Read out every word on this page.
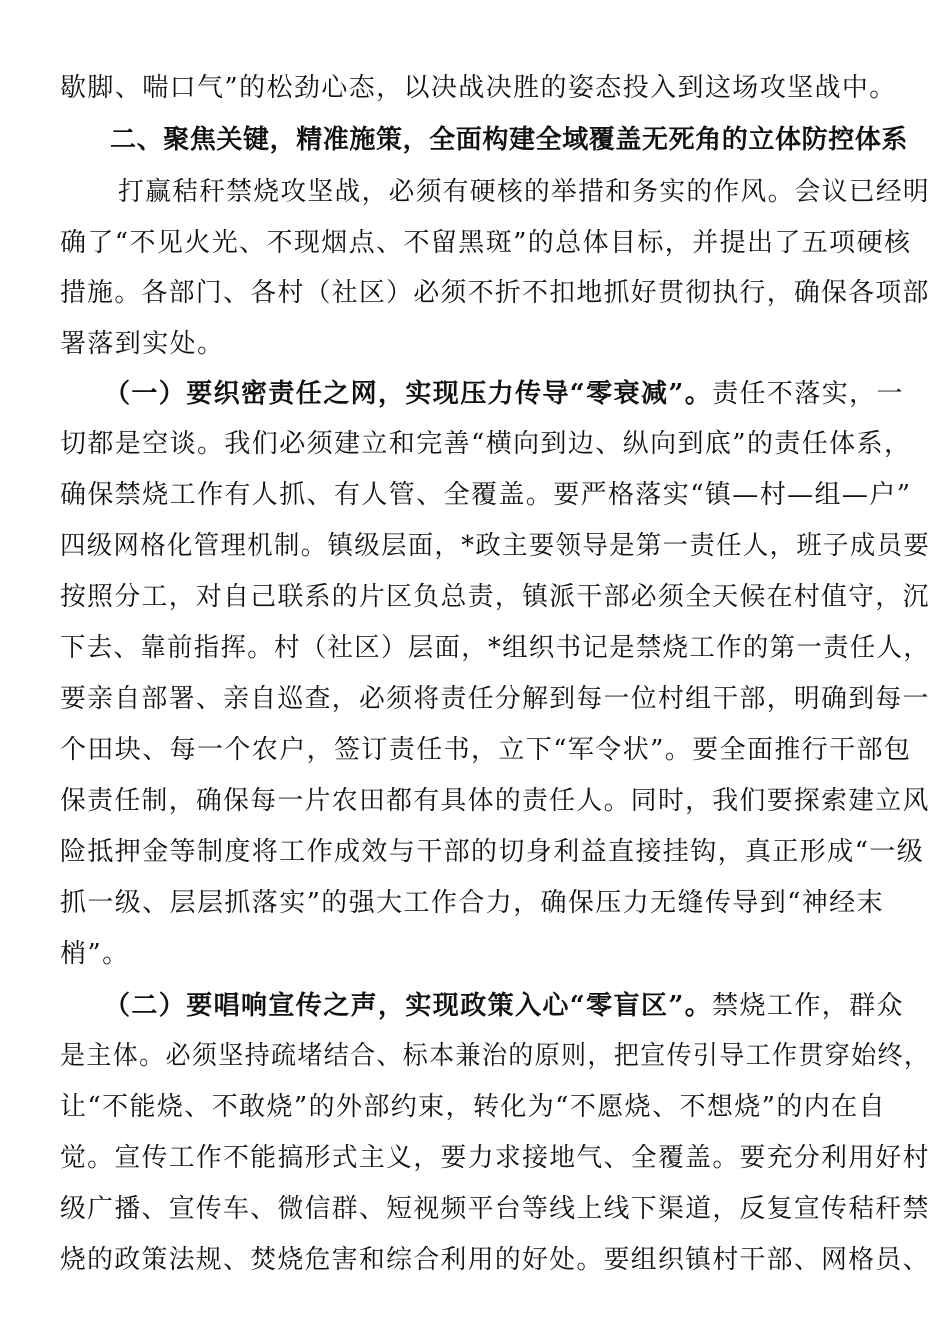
歇脚、喘口气”的松劲心态，以决战决胜的姿态投入到这场攻坚战中。
二、聚焦关键，精准施策，全面构建全域覆盖无死角的立体防控体系
打赢秸秆禁烧攻坚战，必须有硬核的举措和务实的作风。会议已经明
确了“不见火光、不现烟点、不留黑斑”的总体目标，并提出了五项硬核
措施。各部门、各村（社区）必须不折不扣地抓好贯彻执行，确保各项部
署落到实处。
（一）要织密责任之网，实现压力传导“零衰减”。责任不落实，一
切都是空谈。我们必须建立和完善“横向到边、纵向到底”的责任体系，
确保禁烧工作有人抓、有人管、全覆盖。要严格落实“镇—村—组—户”
四级网格化管理机制。镇级层面，*政主要领导是第一责任人，班子成员要
按照分工，对自己联系的片区负总责，镇派干部必须全天候在村值守，沉
下去、靠前指挥。村（社区）层面，*组织书记是禁烧工作的第一责任人，
要亲自部署、亲自巡查，必须将责任分解到每一位村组干部，明确到每一
个田块、每一个农户，签订责任书，立下“军令状”。要全面推行干部包
保责任制，确保每一片农田都有具体的责任人。同时，我们要探索建立风
险抵押金等制度将工作成效与干部的切身利益直接挂钩，真正形成“一级
抓一级、层层抓落实”的强大工作合力，确保压力无缝传导到“神经末
梢”。
（二）要唱响宣传之声，实现政策入心“零盲区”。禁烧工作，群众
是主体。必须坚持疏堵结合、标本兼治的原则，把宣传引导工作贯穿始终，
让“不能烧、不敢烧”的外部约束，转化为“不愿烧、不想烧”的内在自
觉。宣传工作不能搞形式主义，要力求接地气、全覆盖。要充分利用好村
级广播、宣传车、微信群、短视频平台等线上线下渠道，反复宣传秸秆禁
烧的政策法规、焚烧危害和综合利用的好处。要组织镇村干部、网格员、
